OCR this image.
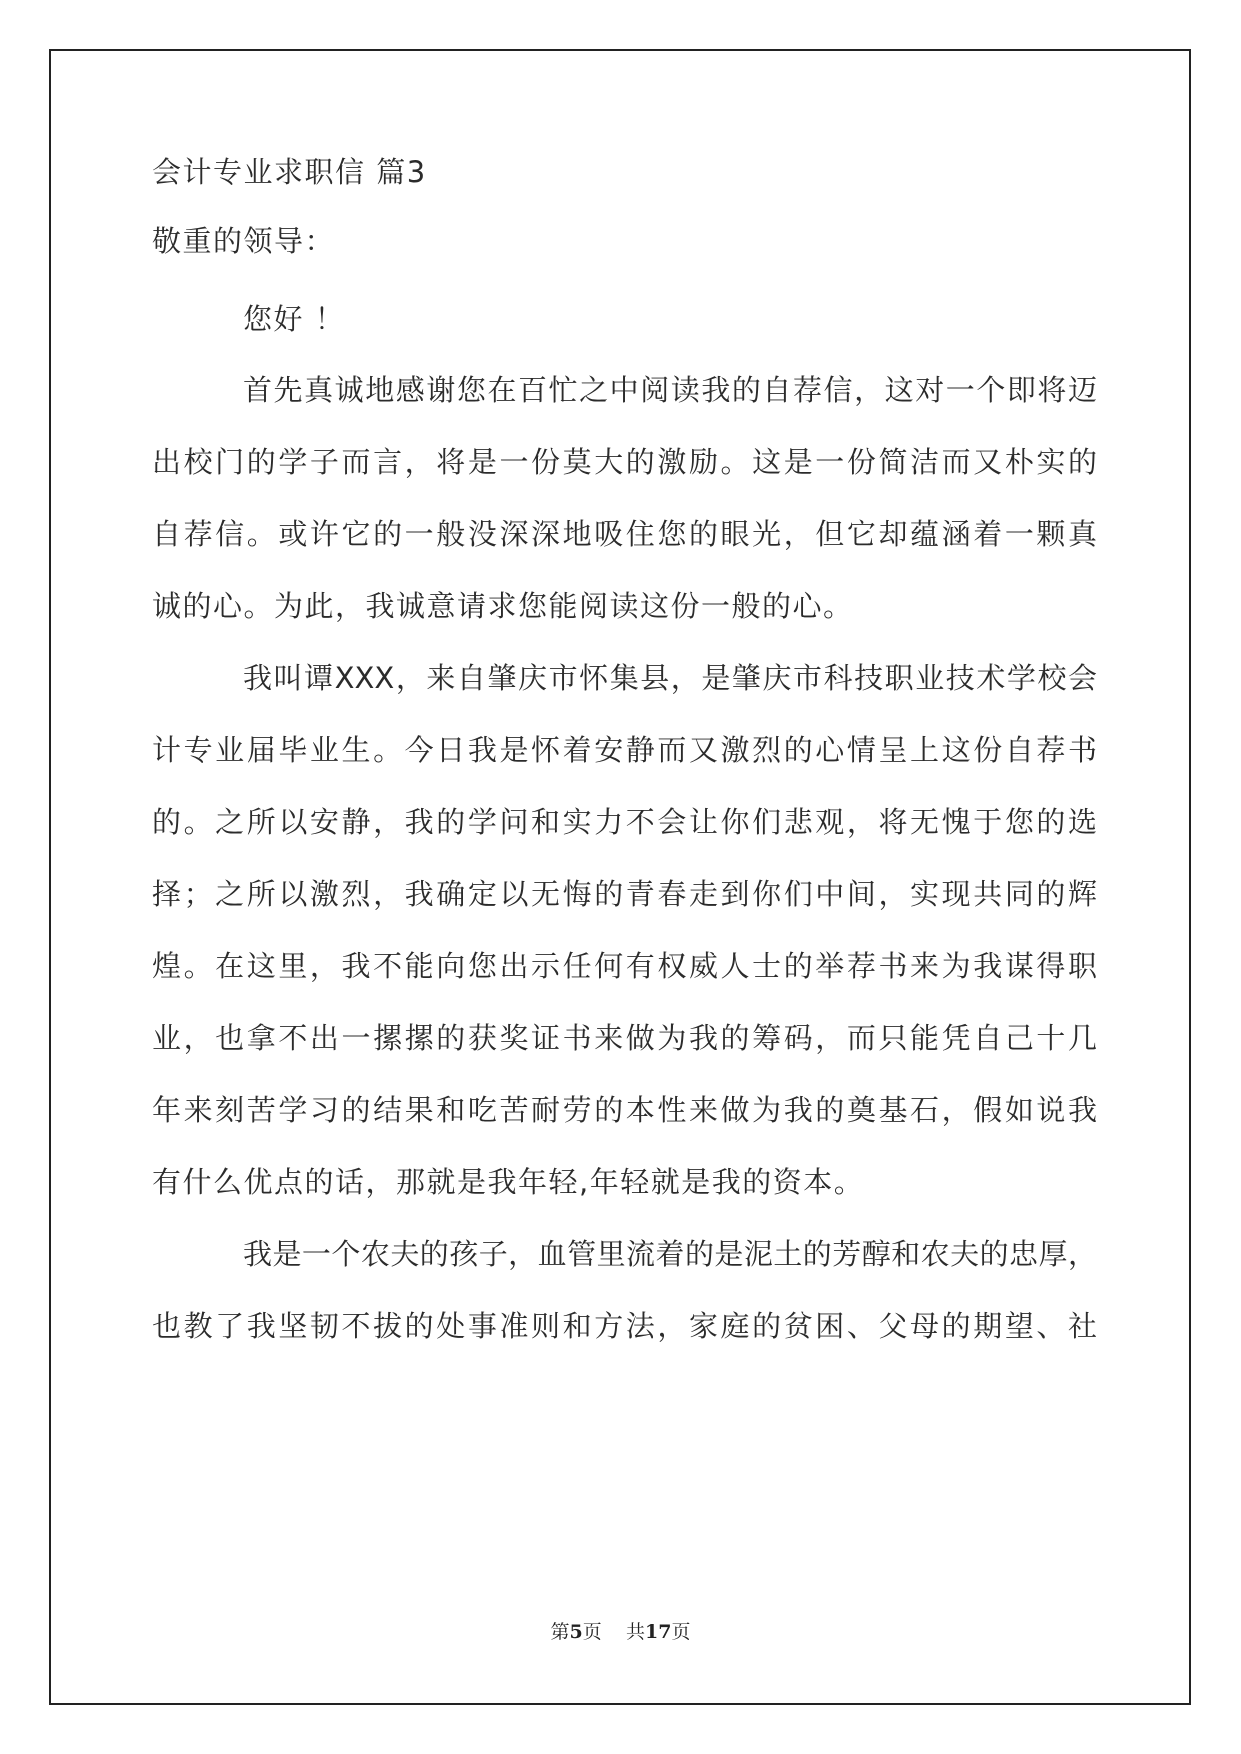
会计专业求职信 篇3
敬重的领导：
您好 ！
首先真诚地感谢您在百忙之中阅读我的自荐信，这对一个即将迈
出校门的学子而言，将是一份莫大的激励。这是一份简洁而又朴实的
自荐信。或许它的一般没深深地吸住您的眼光，但它却蕴涵着一颗真
诚的心。为此，我诚意请求您能阅读这份一般的心。
我叫谭XXX，来自肇庆市怀集县，是肇庆市科技职业技术学校会
计专业届毕业生。今日我是怀着安静而又激烈的心情呈上这份自荐书
的。之所以安静，我的学问和实力不会让你们悲观，将无愧于您的选
择；之所以激烈，我确定以无悔的青春走到你们中间，实现共同的辉
煌。在这里，我不能向您出示任何有权威人士的举荐书来为我谋得职
业，也拿不出一摞摞的获奖证书来做为我的筹码，而只能凭自己十几
年来刻苦学习的结果和吃苦耐劳的本性来做为我的奠基石，假如说我
有什么优点的话，那就是我年轻,年轻就是我的资本。
我是一个农夫的孩子，血管里流着的是泥土的芳醇和农夫的忠厚，
也教了我坚韧不拔的处事准则和方法，家庭的贫困、父母的期望、社
第5页 共17页
